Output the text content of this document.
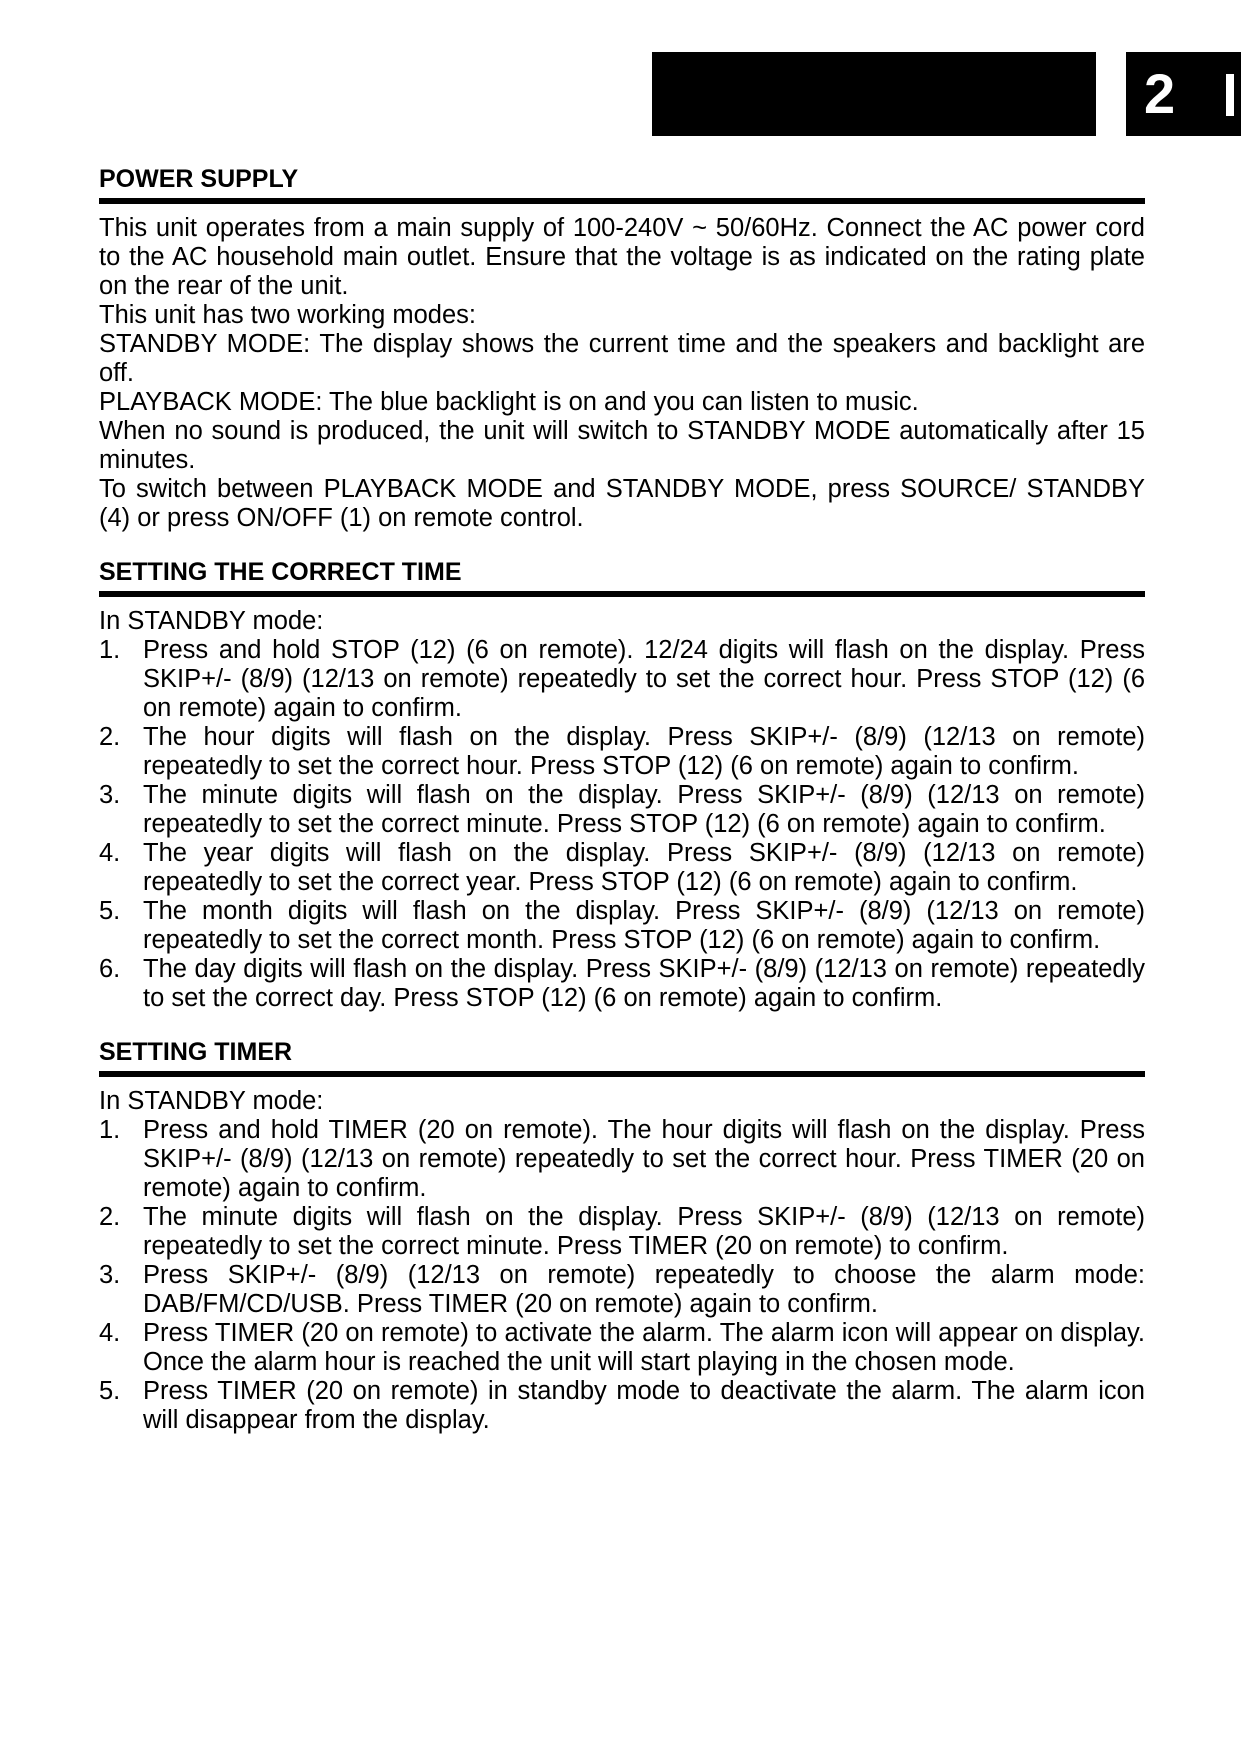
2
POWER SUPPLY

This unit operates from a main supply of 100-240V ~ 50/60Hz. Connect the AC power cord to the AC household main outlet. Ensure that the voltage is as indicated on the rating plate on the rear of the unit.

This unit has two working modes:

STANDBY MODE: The display shows the current time and the speakers and backlight are off.

PLAYBACK MODE: The blue backlight is on and you can listen to music.

When no sound is produced, the unit will switch to STANDBY MODE automatically after 15 minutes.

To switch between PLAYBACK MODE and STANDBY MODE, press SOURCE/ STANDBY (4) or press ON/OFF (1) on remote control.

SETTING THE CORRECT TIME

In STANDBY mode:

1. Press and hold STOP (12) (6 on remote). 12/24 digits will flash on the display. Press SKIP+/- (8/9) (12/13 on remote) repeatedly to set the correct hour. Press STOP (12) (6 on remote) again to confirm.
2. The hour digits will flash on the display. Press SKIP+/- (8/9) (12/13 on remote) repeatedly to set the correct hour. Press STOP (12) (6 on remote) again to confirm.
3. The minute digits will flash on the display. Press SKIP+/- (8/9) (12/13 on remote) repeatedly to set the correct minute. Press STOP (12) (6 on remote) again to confirm.
4. The year digits will flash on the display. Press SKIP+/- (8/9) (12/13 on remote) repeatedly to set the correct year. Press STOP (12) (6 on remote) again to confirm.
5. The month digits will flash on the display. Press SKIP+/- (8/9) (12/13 on remote) repeatedly to set the correct month. Press STOP (12) (6 on remote) again to confirm.
6. The day digits will flash on the display. Press SKIP+/- (8/9) (12/13 on remote) repeatedly to set the correct day. Press STOP (12) (6 on remote) again to confirm.
SETTING TIMER

In STANDBY mode:

1. Press and hold TIMER (20 on remote). The hour digits will flash on the display. Press SKIP+/- (8/9) (12/13 on remote) repeatedly to set the correct hour. Press TIMER (20 on remote) again to confirm.
2. The minute digits will flash on the display. Press SKIP+/- (8/9) (12/13 on remote) repeatedly to set the correct minute. Press TIMER (20 on remote) to confirm.
3. Press SKIP+/- (8/9) (12/13 on remote) repeatedly to choose the alarm mode: DAB/FM/CD/USB. Press TIMER (20 on remote) again to confirm.
4. Press TIMER (20 on remote) to activate the alarm. The alarm icon will appear on display. Once the alarm hour is reached the unit will start playing in the chosen mode.
5. Press TIMER (20 on remote) in standby mode to deactivate the alarm. The alarm icon will disappear from the display.
